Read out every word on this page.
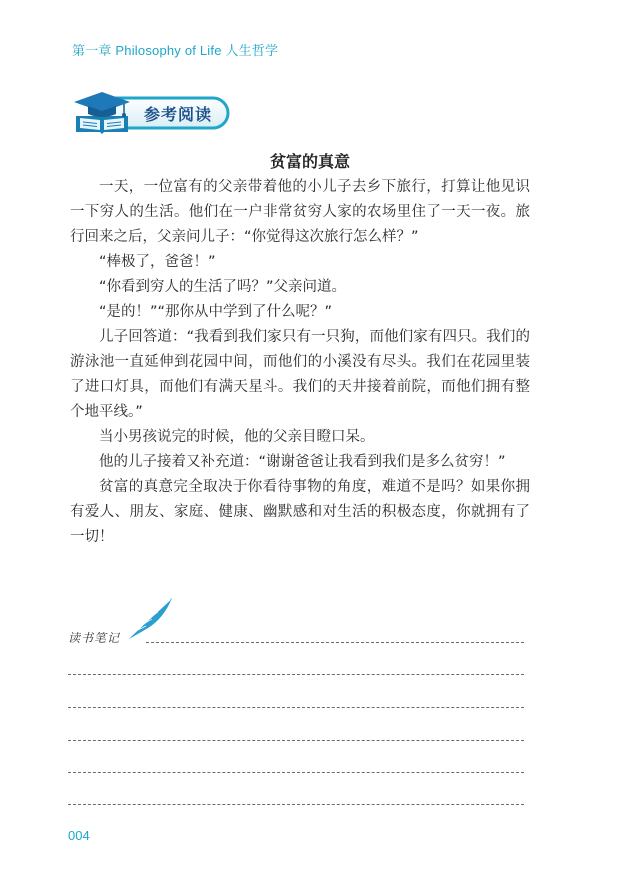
第一章 Philosophy of Life 人生哲学
参考阅读
贫富的真意

一天，一位富有的父亲带着他的小儿子去乡下旅行，打算让他见识一下穷人的生活。他们在一户非常贫穷人家的农场里住了一天一夜。旅行回来之后，父亲问儿子：“你觉得这次旅行怎么样？”

“棒极了，爸爸！”

“你看到穷人的生活了吗？”父亲问道。

“是的！”“那你从中学到了什么呢？”

儿子回答道：“我看到我们家只有一只狗，而他们家有四只。我们的游泳池一直延伸到花园中间，而他们的小溪没有尽头。我们在花园里装了进口灯具，而他们有满天星斗。我们的天井接着前院，而他们拥有整个地平线。”

当小男孩说完的时候，他的父亲目瞪口呆。

他的儿子接着又补充道：“谢谢爸爸让我看到我们是多么贫穷！”

贫富的真意完全取决于你看待事物的角度，难道不是吗？如果你拥有爱人、朋友、家庭、健康、幽默感和对生活的积极态度，你就拥有了一切！

读书笔记
004
